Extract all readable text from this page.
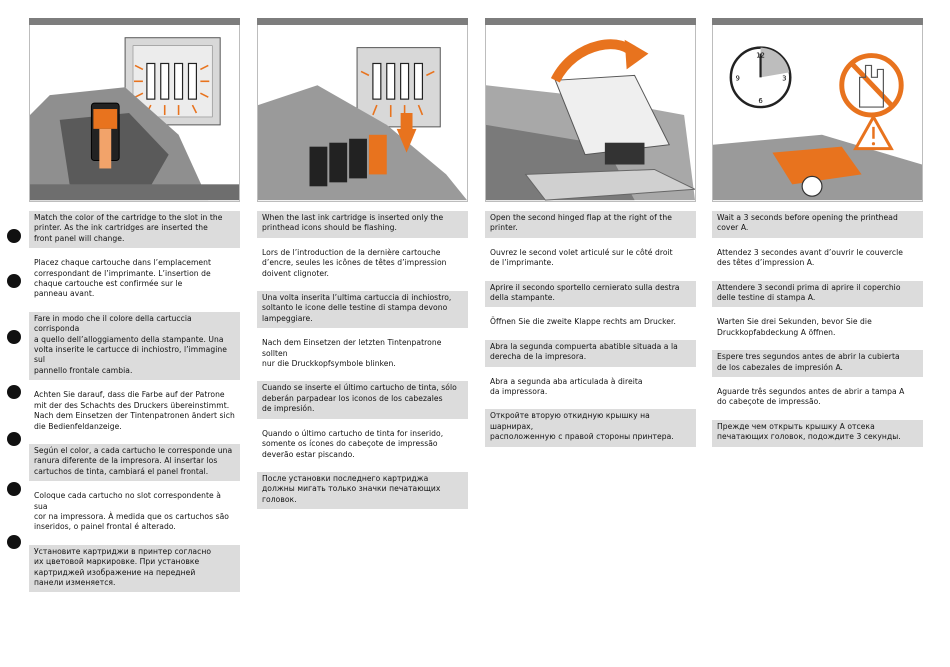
Match the color of the cartridge to the slot in the
printer. As the ink cartridges are inserted the
front panel will change.
Placez chaque cartouche dans l’emplacement
correspondant de l’imprimante. L’insertion de
chaque cartouche est confirmée sur le
panneau avant.
Fare in modo che il colore della cartuccia corrisponda
a quello dell’alloggiamento della stampante. Una
volta inserite le cartucce di inchiostro, l’immagine sul
pannello frontale cambia.
Achten Sie darauf, dass die Farbe auf der Patrone
mit der des Schachts des Druckers übereinstimmt.
Nach dem Einsetzen der Tintenpatronen ändert sich
die Bedienfeldanzeige.
Según el color, a cada cartucho le corresponde una
ranura diferente de la impresora. Al insertar los
cartuchos de tinta, cambiará el panel frontal.
Coloque cada cartucho no slot correspondente à sua
cor na impressora. À medida que os cartuchos são
inseridos, o painel frontal é alterado.
Установите картриджи в принтер согласно
их цветовой маркировке. При установке
картриджей изображение на передней
панели изменяется.
When the last ink cartridge is inserted only the
printhead icons should be flashing.
Lors de l’introduction de la dernière cartouche
d’encre, seules les icônes de têtes d’impression
doivent clignoter.
Una volta inserita l’ultima cartuccia di inchiostro,
soltanto le icone delle testine di stampa devono
lampeggiare.
Nach dem Einsetzen der letzten Tintenpatrone sollten
nur die Druckkopfsymbole blinken.
Cuando se inserte el último cartucho de tinta, sólo
deberán parpadear los iconos de los cabezales
de impresión.
Quando o último cartucho de tinta for inserido,
somente os ícones do cabeçote de impressão
deverão estar piscando.
После установки последнего картриджа
должны мигать только значки печатающих
головок.
Open the second hinged flap at the right of the
printer.
Ouvrez le second volet articulé sur le côté droit
de l’imprimante.
Aprire il secondo sportello cernierato sulla destra
della stampante.
Öffnen Sie die zweite Klappe rechts am Drucker.
Abra la segunda compuerta abatible situada a la
derecha de la impresora.
Abra a segunda aba articulada à direita
da impressora.
Откройте вторую откидную крышку на шарнирах,
расположенную с правой стороны принтера.
12
3
6
9
Wait a 3 seconds before opening the printhead
cover A.
Attendez 3 secondes avant d’ouvrir le couvercle
des têtes d’impression A.
Attendere 3 secondi prima di aprire il coperchio
delle testine di stampa A.
Warten Sie drei Sekunden, bevor Sie die
Druckkopfabdeckung A öffnen.
Espere tres segundos antes de abrir la cubierta
de los cabezales de impresión A.
Aguarde três segundos antes de abrir a tampa A
do cabeçote de impressão.
Прежде чем открыть крышку A отсека
печатающих головок, подождите 3 секунды.
